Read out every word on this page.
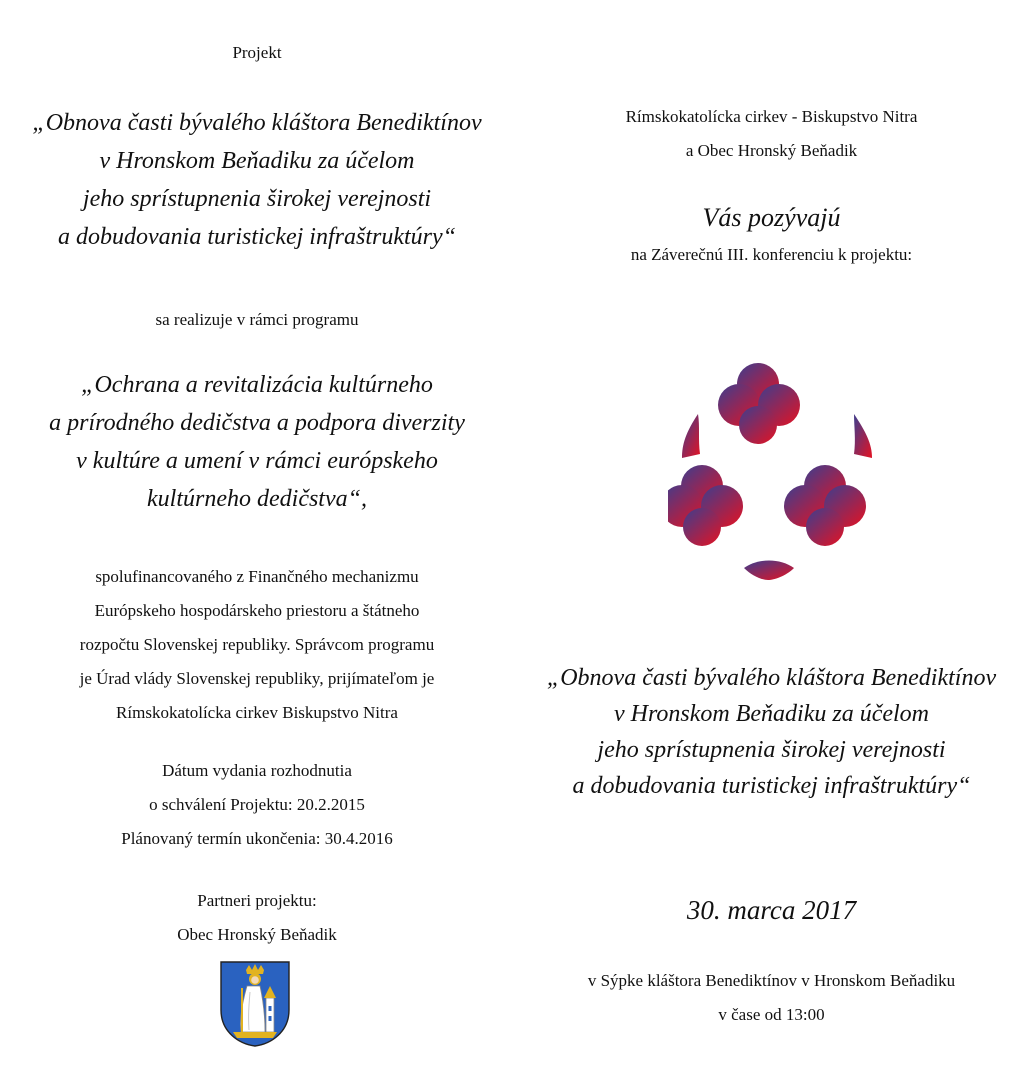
Projekt

„Obnova časti bývalého kláštora Benediktínov
v Hronskom Beňadiku za účelom
jeho sprístupnenia širokej verejnosti
a dobudovania turistickej infraštruktúry“

sa realizuje v rámci programu

„Ochrana a revitalizácia kultúrneho
a prírodného dedičstva a podpora diverzity
v kultúre a umení v rámci európskeho
kultúrneho dedičstva“,
spolufinancovaného z Finančného mechanizmu
Európskeho hospodárskeho priestoru a štátneho
rozpočtu Slovenskej republiky. Správcom programu
je Úrad vlády Slovenskej republiky, prijímateľom je
Rímskokatolícka cirkev Biskupstvo Nitra
Dátum vydania rozhodnutia
o schválení Projektu: 20.2.2015
Plánovaný termín ukončenia: 30.4.2016
Partneri projektu:
Obec Hronský Beňadik
Rímskokatolícka cirkev - Biskupstvo Nitra
a Obec Hronský Beňadik

Vás pozývajú

na Záverečnú III. konferenciu k projektu:

„Obnova časti bývalého kláštora Benediktínov
v Hronskom Beňadiku za účelom
jeho sprístupnenia širokej verejnosti
a dobudovania turistickej infraštruktúry“

30. marca 2017

v Sýpke kláštora Benediktínov v Hronskom Beňadiku
v čase od 13:00
